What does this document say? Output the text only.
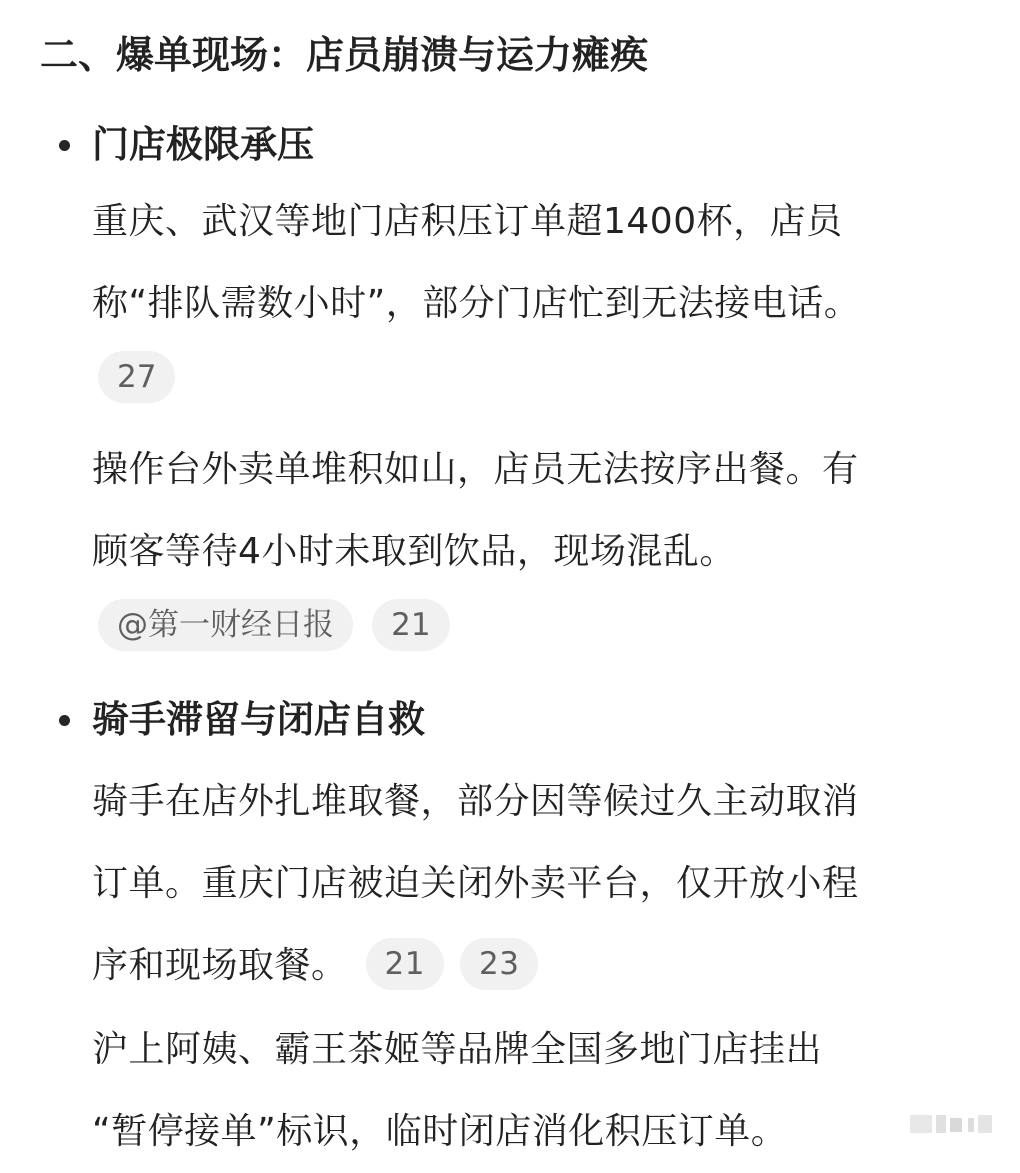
二、爆单现场：店员崩溃与运力瘫痪
门店极限承压
重庆、武汉等地门店积压订单超1400杯，店员
称“排队需数小时”，部分门店忙到无法接电话。
27
操作台外卖单堆积如山，店员无法按序出餐。有
顾客等待4小时未取到饮品，现场混乱。
@第一财经日报 21
骑手滞留与闭店自救
骑手在店外扎堆取餐，部分因等候过久主动取消
订单。重庆门店被迫关闭外卖平台，仅开放小程
序和现场取餐。 21 23
沪上阿姨、霸王茶姬等品牌全国多地门店挂出
“暂停接单”标识，临时闭店消化积压订单。
